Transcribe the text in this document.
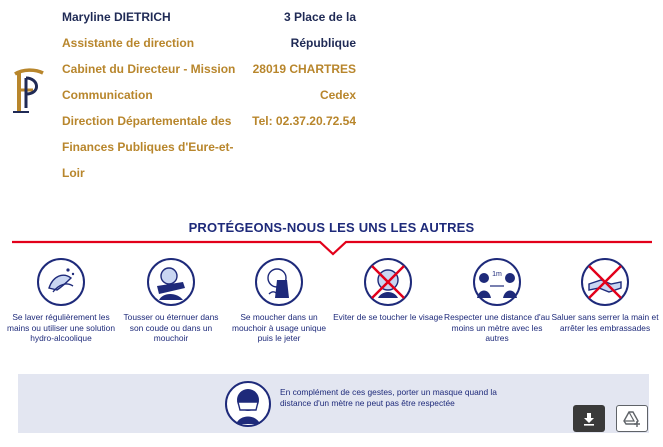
Maryline DIETRICH
Assistante de direction
Cabinet du Directeur - Mission
Communication
Direction Départementale des
Finances Publiques d'Eure-et-
Loir
3 Place de la
République
28019 CHARTRES
Cedex
Tel: 02.37.20.72.54
PROTÉGEONS-NOUS LES UNS LES AUTRES
Se laver régulièrement les mains ou utiliser une solution hydro-alcoolique
Tousser ou éternuer dans son coude ou dans un mouchoir
Se moucher dans un mouchoir à usage unique puis le jeter
Eviter de se toucher le visage
1m
Respecter une distance d'au moins un mètre avec les autres
Saluer sans serrer la main et arrêter les embrassades
En complément de ces gestes, porter un masque quand la distance d'un mètre ne peut pas être respectée
